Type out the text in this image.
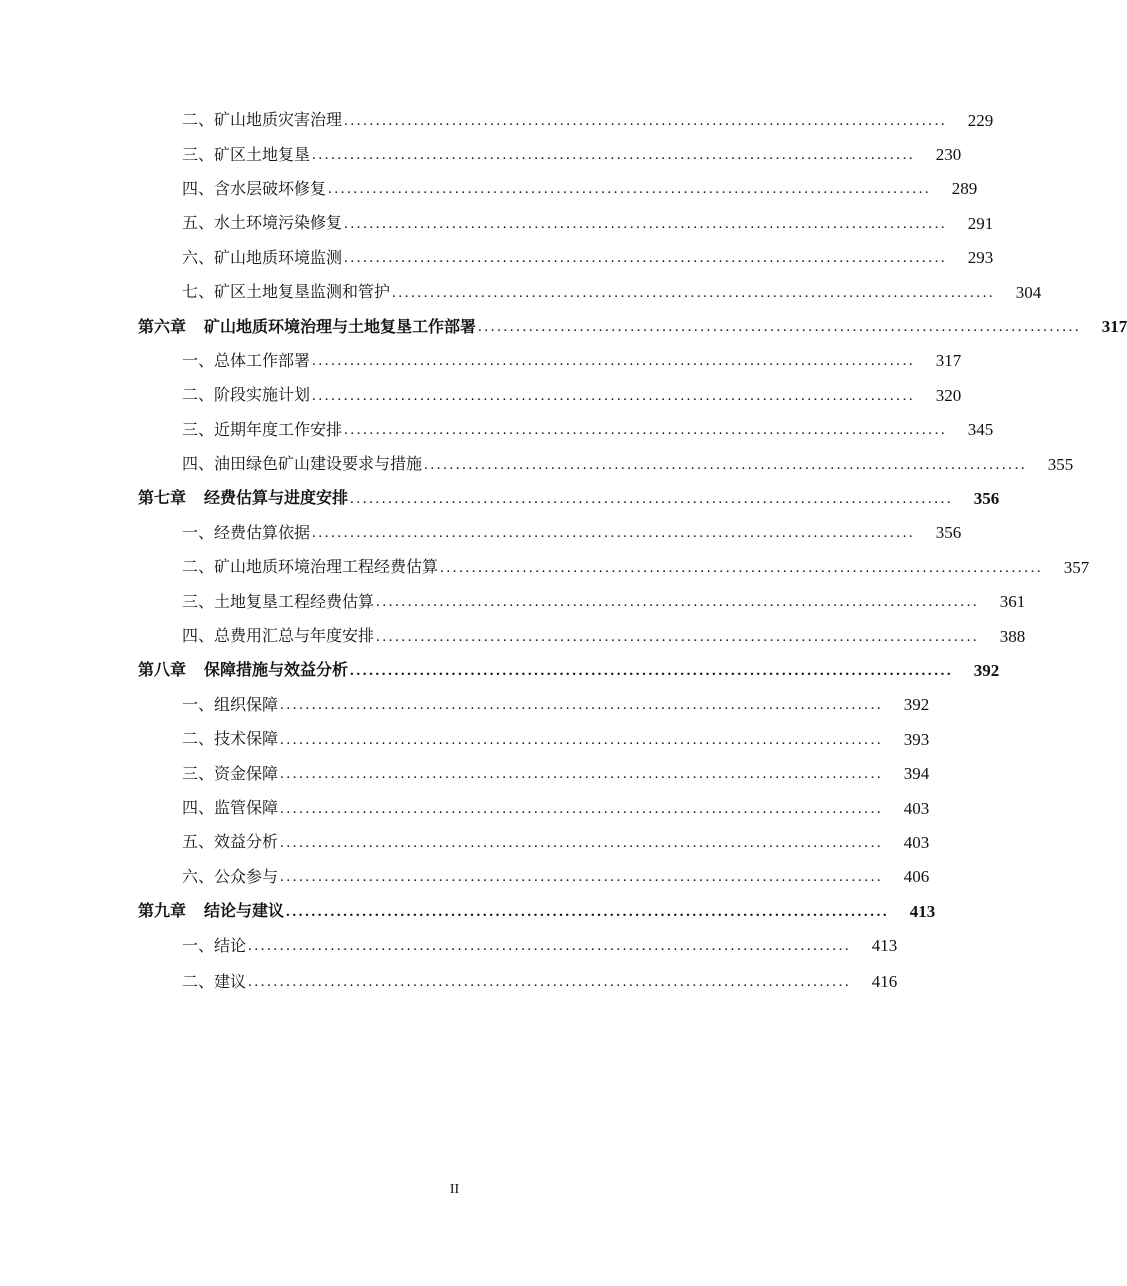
二、矿山地质灾害治理 ...............................................................................................	229
三、矿区土地复垦 ...............................................................................................	230
四、含水层破坏修复 ...............................................................................................	289
五、水土环境污染修复 ...............................................................................................	291
六、矿山地质环境监测 ...............................................................................................	293
七、矿区土地复垦监测和管护 ...............................................................................................	304
第六章 矿山地质环境治理与土地复垦工作部署 ...............................................................................................	317
一、总体工作部署 ...............................................................................................	317
二、阶段实施计划 ...............................................................................................	320
三、近期年度工作安排 ...............................................................................................	345
四、油田绿色矿山建设要求与措施 ...............................................................................................	355
第七章 经费估算与进度安排 ...............................................................................................	356
一、经费估算依据 ...............................................................................................	356
二、矿山地质环境治理工程经费估算 ...............................................................................................	357
三、土地复垦工程经费估算 ...............................................................................................	361
四、总费用汇总与年度安排 ...............................................................................................	388
第八章 保障措施与效益分析 ...............................................................................................	392
一、组织保障 ...............................................................................................	392
二、技术保障 ...............................................................................................	393
三、资金保障 ...............................................................................................	394
四、监管保障 ...............................................................................................	403
五、效益分析 ...............................................................................................	403
六、公众参与 ...............................................................................................	406
第九章 结论与建议 ...............................................................................................	413
一、结论 ...............................................................................................	413
二、建议 ...............................................................................................	416
II
